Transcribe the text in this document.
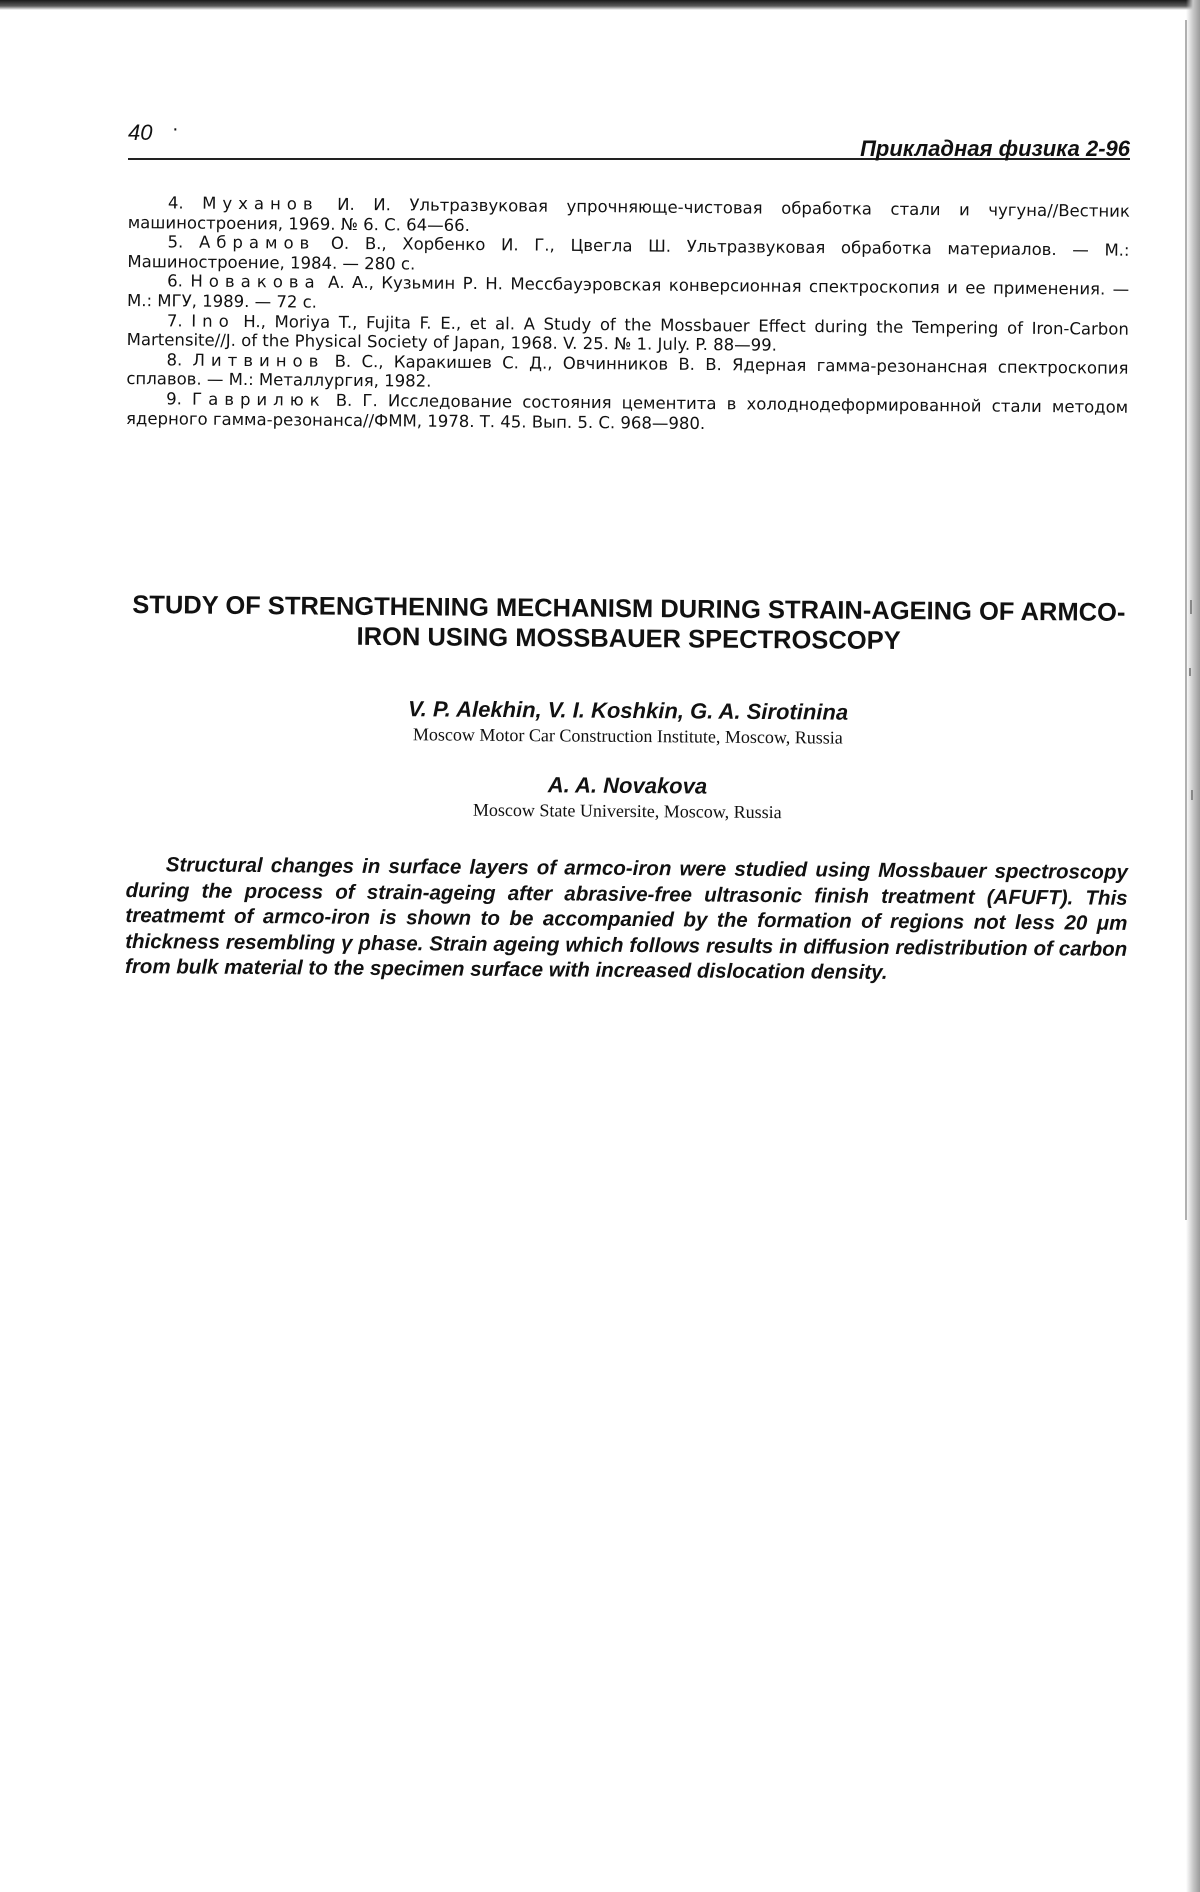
40 ·
Прикладная физика 2-96

4. Муханов И. И. Ультразвуковая упрочняюще-чистовая обработка стали и чугуна//Вестник машиностроения, 1969. № 6. С. 64—66.

5. Абрамов О. В., Хорбенко И. Г., Цвегла Ш. Ультразвуковая обработка материалов. — М.: Машиностроение, 1984. — 280 с.

6. Новакова А. А., Кузьмин Р. Н. Мессбауэровская конверсионная спектроскопия и ее применения. — М.: МГУ, 1989. — 72 с.

7. Ino H., Moriya T., Fujita F. E., et al. A Study of the Mossbauer Effect during the Tempering of Iron-Carbon Martensite//J. of the Physical Society of Japan, 1968. V. 25. № 1. July. P. 88—99.

8. Литвинов В. С., Каракишев С. Д., Овчинников В. В. Ядерная гамма-резонансная спектроскопия сплавов. — М.: Металлургия, 1982.

9. Гаврилюк В. Г. Исследование состояния цементита в холоднодеформированной стали методом ядерного гамма-резонанса//ФММ, 1978. Т. 45. Вып. 5. С. 968—980.

STUDY OF STRENGTHENING MECHANISM DURING STRAIN-AGEING OF ARMCO-IRON USING MOSSBAUER SPECTROSCOPY

V. P. Alekhin, V. I. Koshkin, G. A. Sirotinina

Moscow Motor Car Construction Institute, Moscow, Russia

A. A. Novakova

Moscow State Universite, Moscow, Russia

Structural changes in surface layers of armco-iron were studied using Mossbauer spectroscopy during the process of strain-ageing after abrasive-free ultrasonic finish treatment (AFUFT). This treatmemt of armco-iron is shown to be accompanied by the formation of regions not less 20 μm thickness resembling γ phase. Strain ageing which follows results in diffusion redistribution of carbon from bulk material to the specimen surface with increased dislocation density.
